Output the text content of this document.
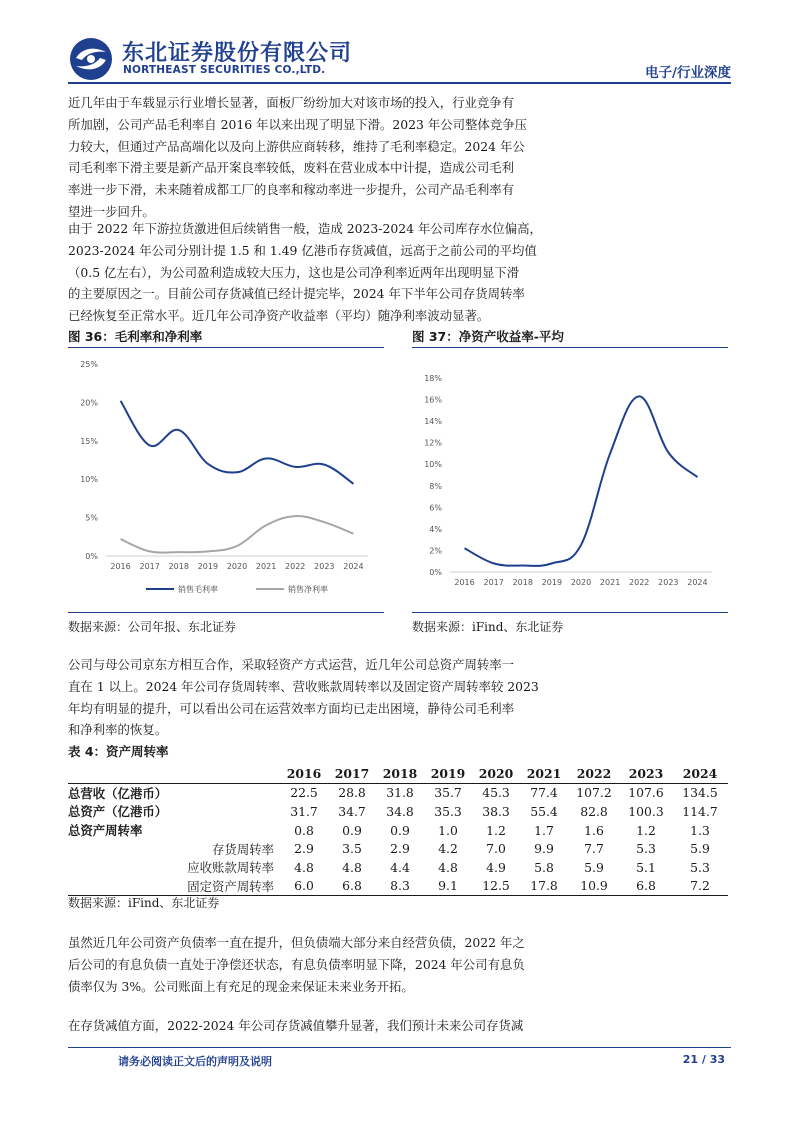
东北证券股份有限公司
NORTHEAST SECURITIES CO.,LTD.	电子/行业深度
近几年由于车载显示行业增长显著，面板厂纷纷加大对该市场的投入，行业竞争有
所加剧，公司产品毛利率自 2016 年以来出现了明显下滑。2023 年公司整体竞争压
力较大，但通过产品高端化以及向上游供应商转移，维持了毛利率稳定。2024 年公
司毛利率下滑主要是新产品开案良率较低，废料在营业成本中计提，造成公司毛利
率进一步下滑，未来随着成都工厂的良率和稼动率进一步提升，公司产品毛利率有
望进一步回升。
由于 2022 年下游拉货激进但后续销售一般，造成 2023-2024 年公司库存水位偏高，
2023-2024 年公司分别计提 1.5 和 1.49 亿港币存货减值，远高于之前公司的平均值
（0.5 亿左右），为公司盈利造成较大压力，这也是公司净利率近两年出现明显下滑
的主要原因之一。目前公司存货减值已经计提完毕，2024 年下半年公司存货周转率
已经恢复至正常水平。近几年公司净资产收益率（平均）随净利率波动显著。
图 36：毛利率和净利率
0%
5%
10%
15%
20%
25%
2016 2017 2018 2019 2020 2021 2022 2023 2024
销售毛利率	销售净利率
数据来源：公司年报、东北证券
图 37：净资产收益率-平均
0%
2%
4%
6%
8%
10%
12%
14%
16%
18%
2016 2017 2018 2019 2020 2021 2022 2023 2024
数据来源：iFind、东北证券
公司与母公司京东方相互合作，采取轻资产方式运营，近几年公司总资产周转率一
直在 1 以上。2024 年公司存货周转率、营收账款周转率以及固定资产周转率较 2023
年均有明显的提升，可以看出公司在运营效率方面均已走出困境，静待公司毛利率
和净利率的恢复。
表 4：资产周转率
	2016	2017	2018	2019	2020	2021	2022	2023	2024
总营收（亿港币）	22.5	28.8	31.8	35.7	45.3	77.4	107.2	107.6	134.5
总资产（亿港币）	31.7	34.7	34.8	35.3	38.3	55.4	82.8	100.3	114.7
总资产周转率	0.8	0.9	0.9	1.0	1.2	1.7	1.6	1.2	1.3
存货周转率	2.9	3.5	2.9	4.2	7.0	9.9	7.7	5.3	5.9
应收账款周转率	4.8	4.8	4.4	4.8	4.9	5.8	5.9	5.1	5.3
固定资产周转率	6.0	6.8	8.3	9.1	12.5	17.8	10.9	6.8	7.2
数据来源：iFind、东北证券
虽然近几年公司资产负债率一直在提升，但负债端大部分来自经营负债，2022 年之
后公司的有息负债一直处于净偿还状态，有息负债率明显下降，2024 年公司有息负
债率仅为 3%。公司账面上有充足的现金来保证未来业务开拓。
在存货减值方面，2022-2024 年公司存货减值攀升显著，我们预计未来公司存货减
请务必阅读正文后的声明及说明	21 / 33
